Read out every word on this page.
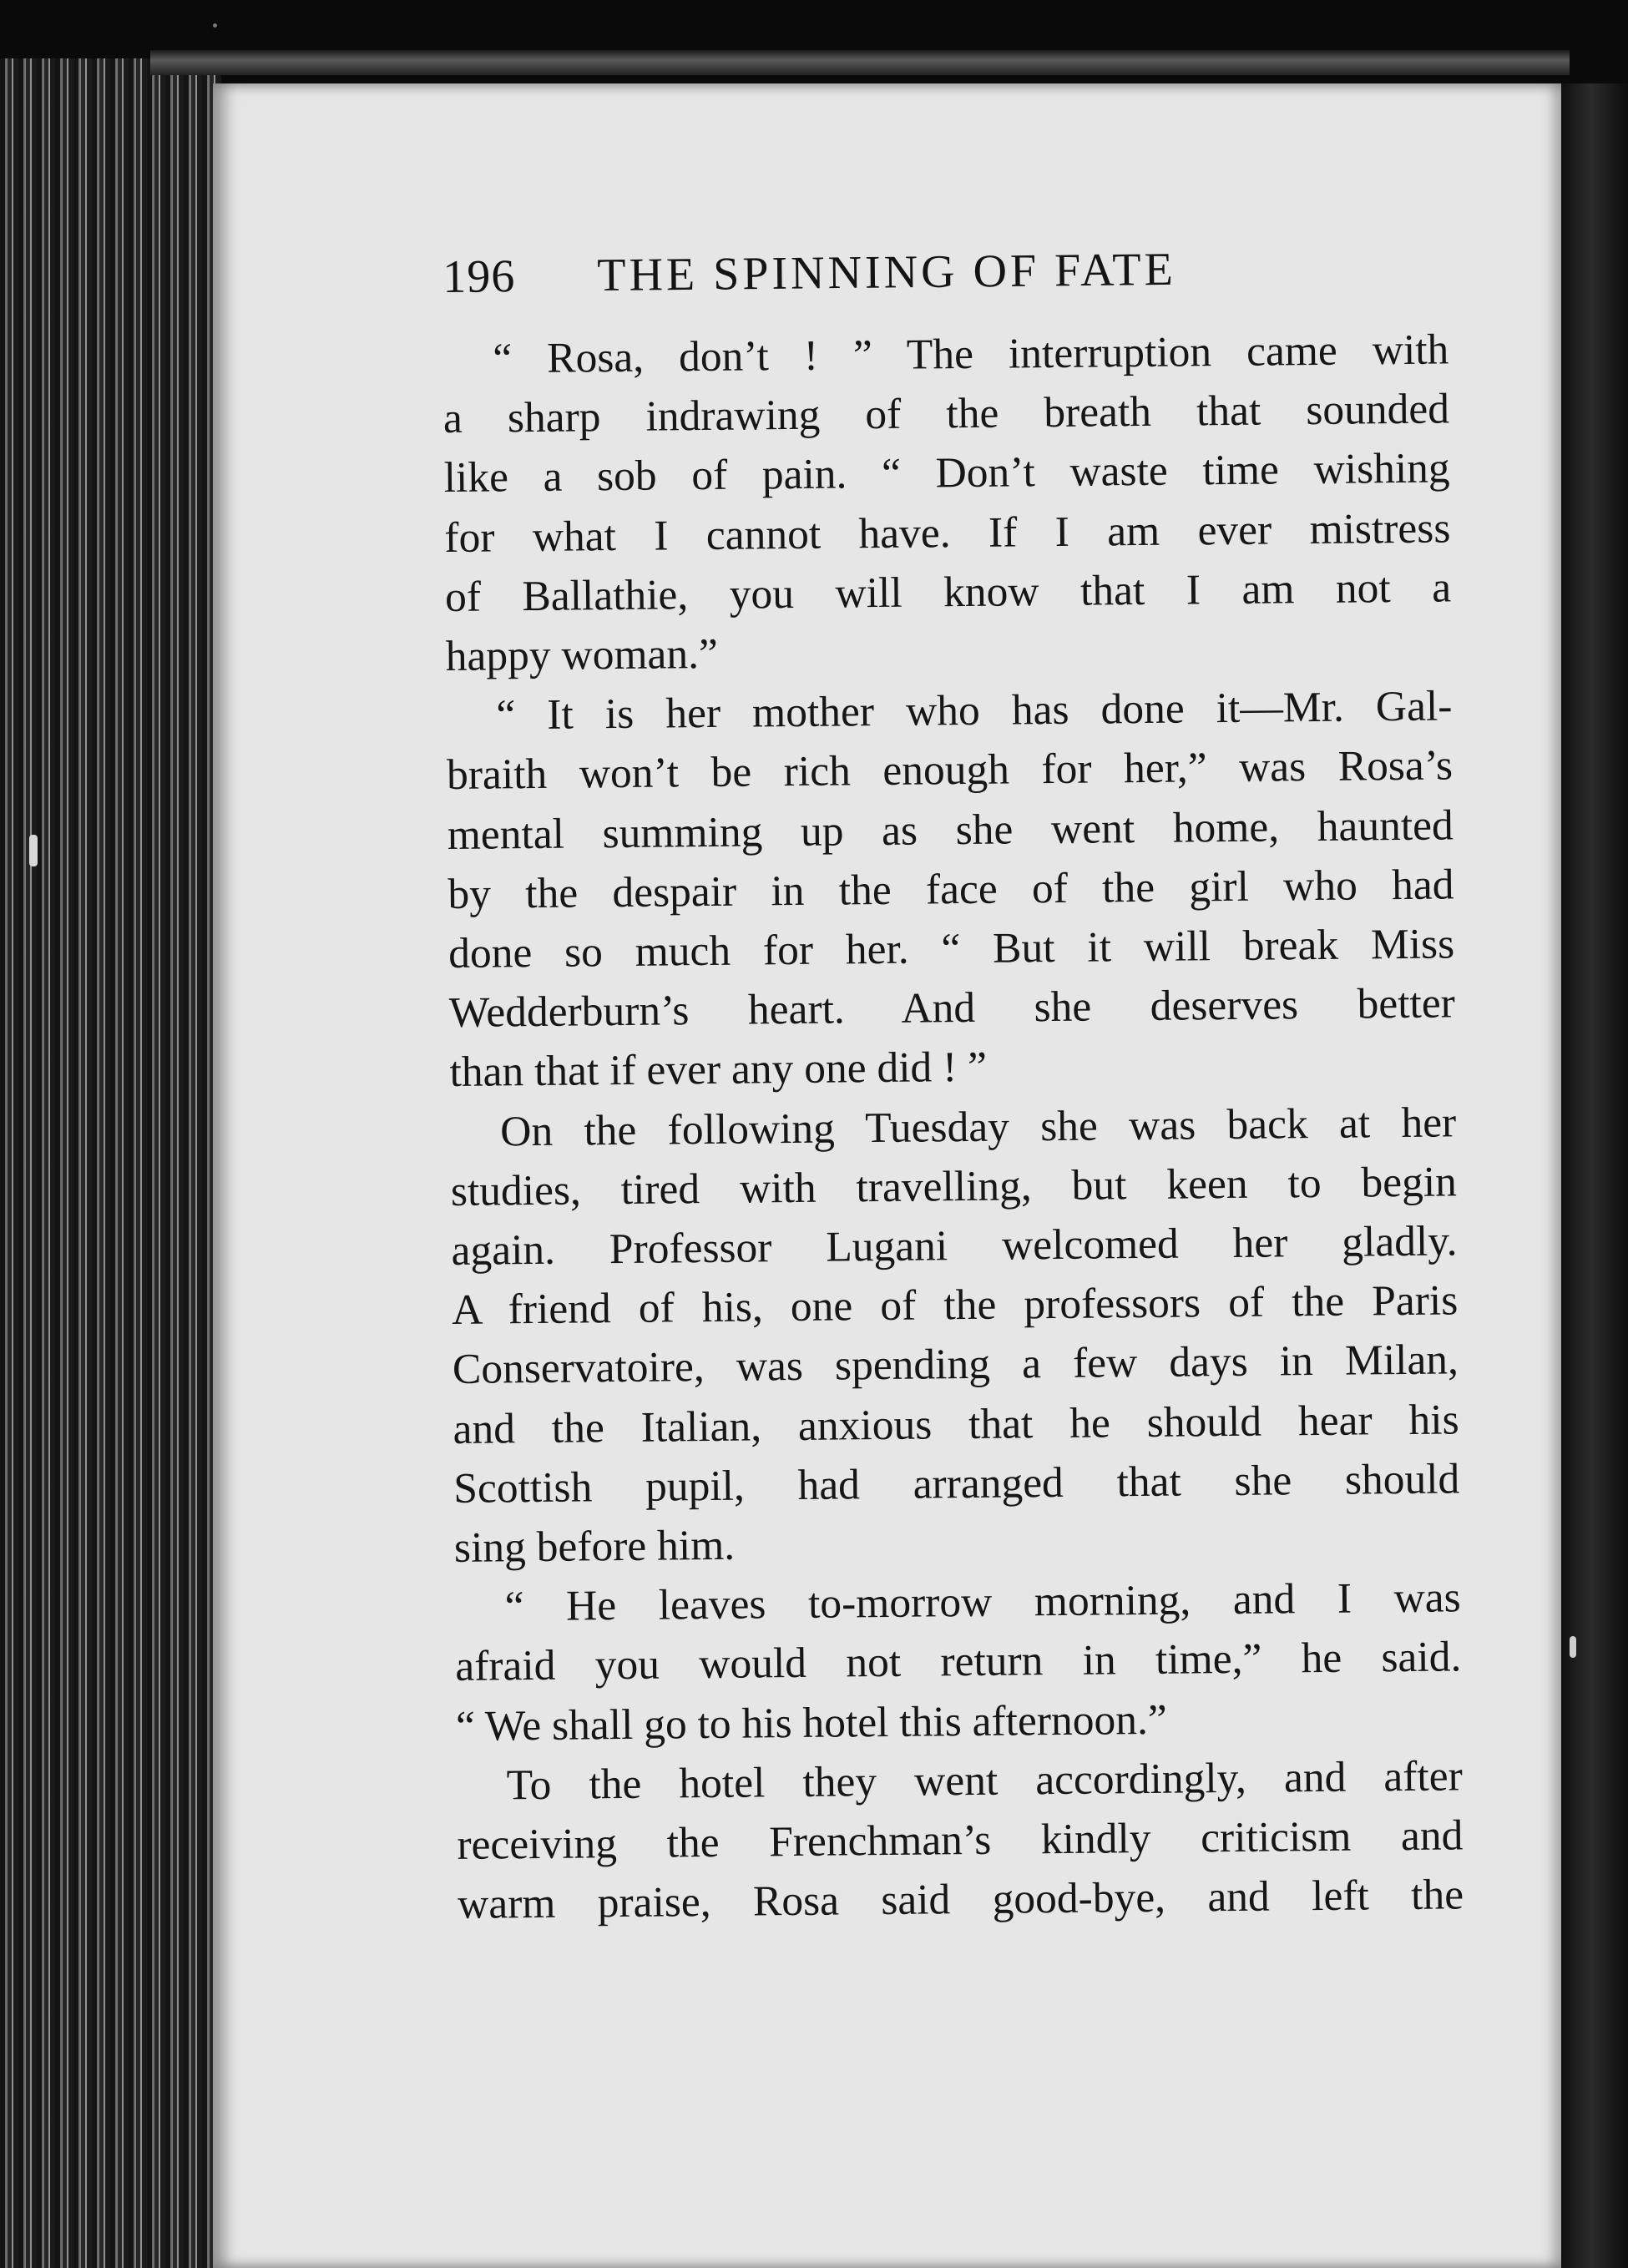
196 THE SPINNING OF FATE

“ Rosa, don’t ! ” The interruption came with
a sharp indrawing of the breath that sounded
like a sob of pain. “ Don’t waste time wishing
for what I cannot have. If I am ever mistress
of Ballathie, you will know that I am not a
happy woman.”

“ It is her mother who has done it—Mr. Gal-
braith won’t be rich enough for her,” was Rosa’s
mental summing up as she went home, haunted
by the despair in the face of the girl who had
done so much for her. “ But it will break Miss
Wedderburn’s heart. And she deserves better
than that if ever any one did ! ”

On the following Tuesday she was back at her
studies, tired with travelling, but keen to begin
again. Professor Lugani welcomed her gladly.
A friend of his, one of the professors of the Paris
Conservatoire, was spending a few days in Milan,
and the Italian, anxious that he should hear his
Scottish pupil, had arranged that she should
sing before him.

“ He leaves to-morrow morning, and I was
afraid you would not return in time,” he said.
“ We shall go to his hotel this afternoon.”

To the hotel they went accordingly, and after
receiving the Frenchman’s kindly criticism and
warm praise, Rosa said good-bye, and left the
